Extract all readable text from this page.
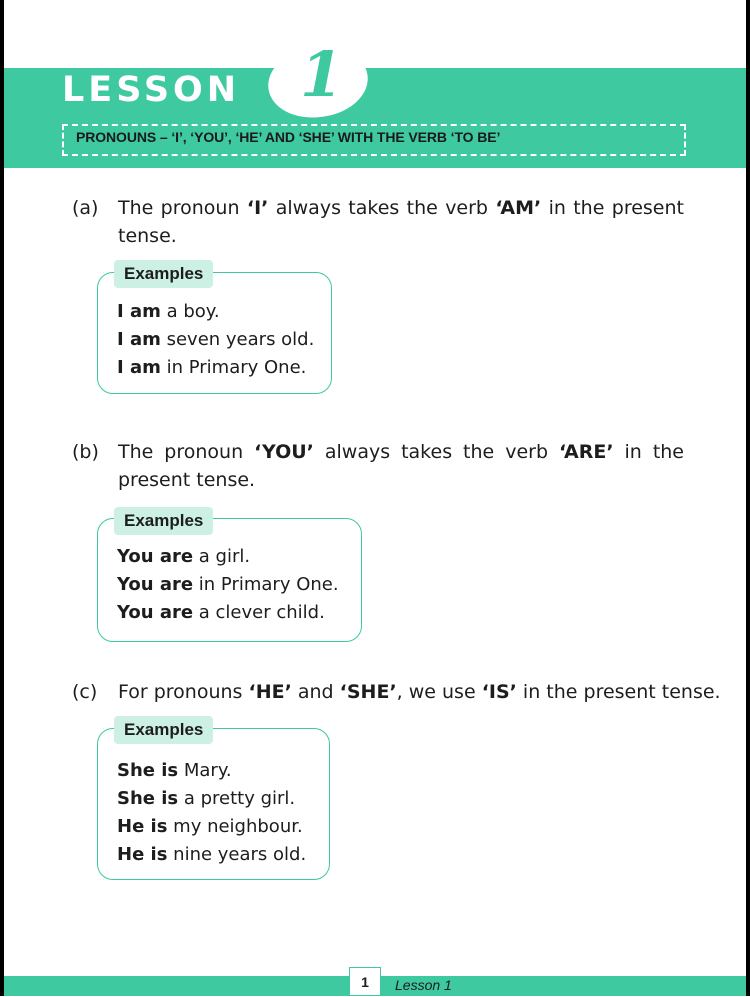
LESSON 1
PRONOUNS – ‘I’, ‘YOU’, ‘HE’ AND ‘SHE’ WITH THE VERB ‘TO BE’
(a) The pronoun ‘I’ always takes the verb ‘AM’ in the present tense.
Examples
I am a boy.
I am seven years old.
I am in Primary One.
(b) The pronoun ‘YOU’ always takes the verb ‘ARE’ in the present tense.
Examples
You are a girl.
You are in Primary One.
You are a clever child.
(c) For pronouns ‘HE’ and ‘SHE’, we use ‘IS’ in the present tense.
Examples
She is Mary.
She is a pretty girl.
He is my neighbour.
He is nine years old.
1	Lesson 1
